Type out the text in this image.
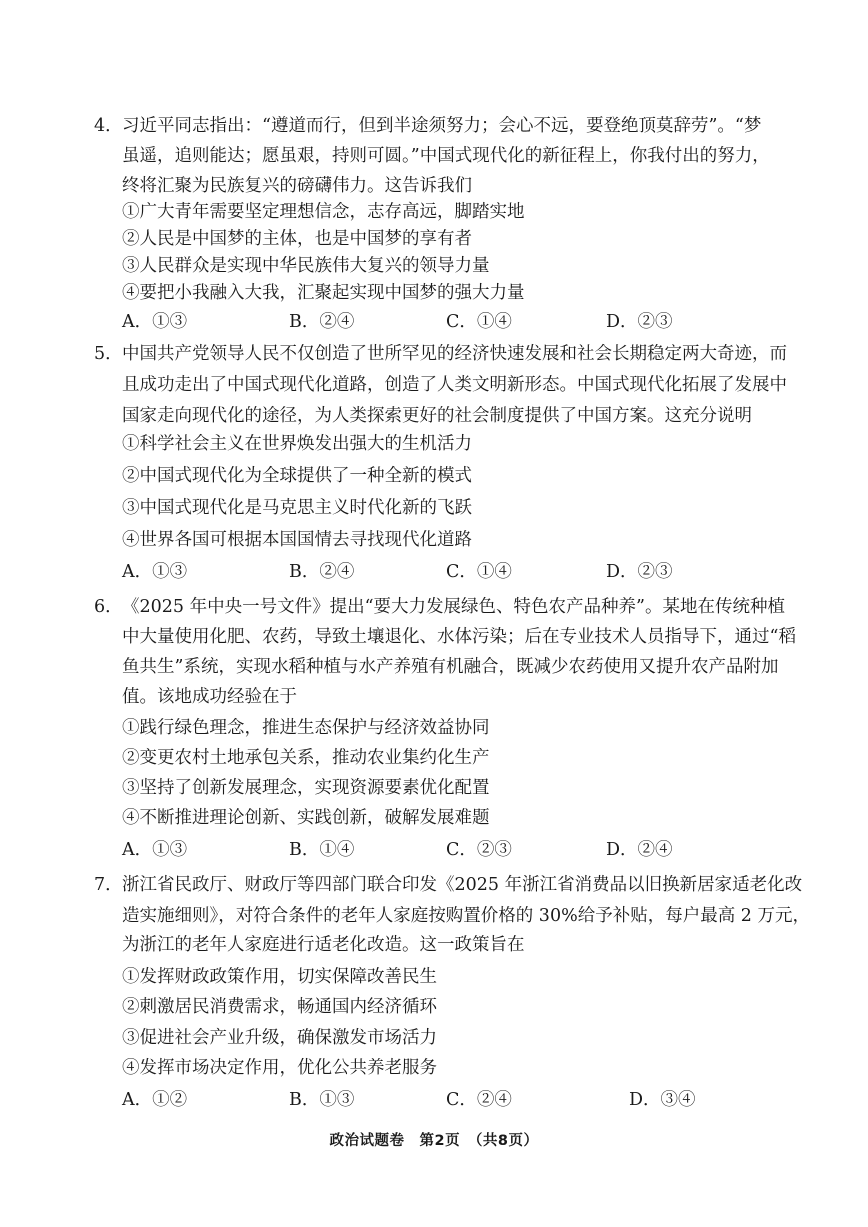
4． 习近平同志指出：“遵道而行，但到半途须努力；会心不远，要登绝顶莫辞劳”。“梦
虽遥，追则能达；愿虽艰，持则可圆。”中国式现代化的新征程上，你我付出的努力，
终将汇聚为民族复兴的磅礴伟力。这告诉我们
①广大青年需要坚定理想信念，志存高远，脚踏实地
②人民是中国梦的主体，也是中国梦的享有者
③人民群众是实现中华民族伟大复兴的领导力量
④要把小我融入大我，汇聚起实现中国梦的强大力量
A．①③	B．②④	C．①④	D．②③
5． 中国共产党领导人民不仅创造了世所罕见的经济快速发展和社会长期稳定两大奇迹，而
且成功走出了中国式现代化道路，创造了人类文明新形态。中国式现代化拓展了发展中
国家走向现代化的途径，为人类探索更好的社会制度提供了中国方案。这充分说明
①科学社会主义在世界焕发出强大的生机活力
②中国式现代化为全球提供了一种全新的模式
③中国式现代化是马克思主义时代化新的飞跃
④世界各国可根据本国国情去寻找现代化道路
A．①③	B．②④	C．①④	D．②③
6． 《2025 年中央一号文件》提出“要大力发展绿色、特色农产品种养”。某地在传统种植
中大量使用化肥、农药，导致土壤退化、水体污染；后在专业技术人员指导下，通过“稻
鱼共生”系统，实现水稻种植与水产养殖有机融合，既减少农药使用又提升农产品附加
值。该地成功经验在于
①践行绿色理念，推进生态保护与经济效益协同
②变更农村土地承包关系，推动农业集约化生产
③坚持了创新发展理念，实现资源要素优化配置
④不断推进理论创新、实践创新，破解发展难题
A．①③	B．①④	C．②③	D．②④
7． 浙江省民政厅、财政厅等四部门联合印发《2025 年浙江省消费品以旧换新居家适老化改
造实施细则》，对符合条件的老年人家庭按购置价格的 30%给予补贴，每户最高 2 万元，
为浙江的老年人家庭进行适老化改造。这一政策旨在
①发挥财政政策作用，切实保障改善民生
②刺激居民消费需求，畅通国内经济循环
③促进社会产业升级，确保激发市场活力
④发挥市场决定作用，优化公共养老服务
A．①②	B．①③	C．②④	D．③④
政治试题卷　第2页　（共8页）
